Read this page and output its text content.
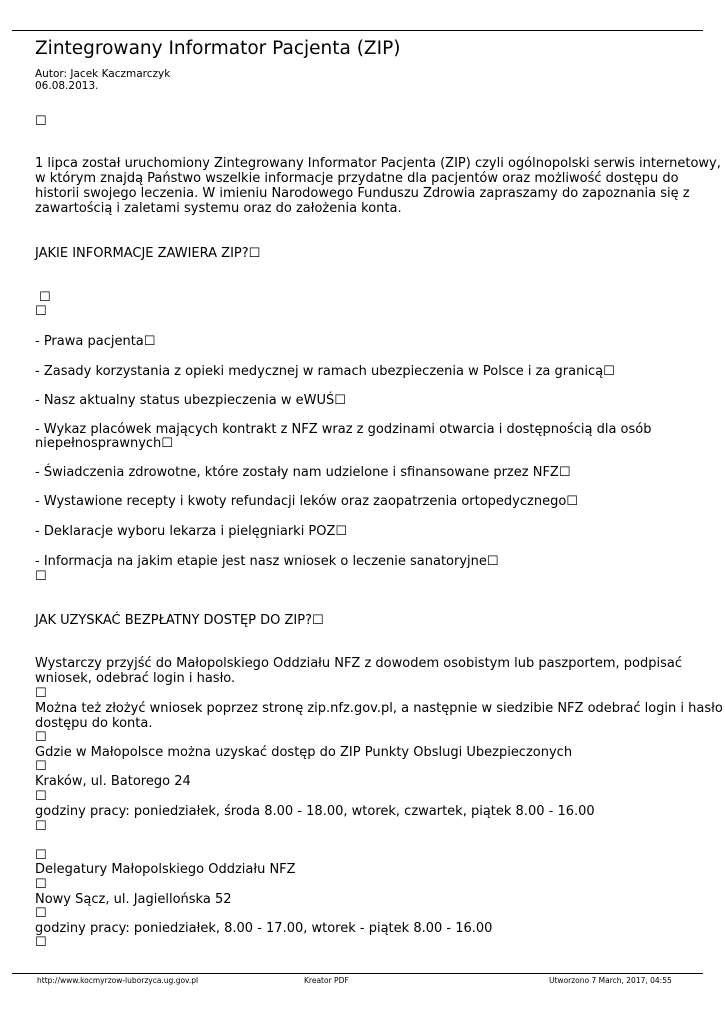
Zintegrowany Informator Pacjenta (ZIP)
Autor: Jacek Kaczmarczyk
06.08.2013.
☐
1 lipca został uruchomiony Zintegrowany Informator Pacjenta (ZIP) czyli ogólnopolski serwis internetowy,
w którym znajdą Państwo wszelkie informacje przydatne dla pacjentów oraz możliwość dostępu do
historii swojego leczenia. W imieniu Narodowego Funduszu Zdrowia zapraszamy do zapoznania się z
zawartością i zaletami systemu oraz do założenia konta.
JAKIE INFORMACJE ZAWIERA ZIP?☐
☐
☐
- Prawa pacjenta☐
- Zasady korzystania z opieki medycznej w ramach ubezpieczenia w Polsce i za granicą☐
- Nasz aktualny status ubezpieczenia w eWUŚ☐
- Wykaz placówek mających kontrakt z NFZ wraz z godzinami otwarcia i dostępnością dla osób
niepełnosprawnych☐
- Świadczenia zdrowotne, które zostały nam udzielone i sfinansowane przez NFZ☐
- Wystawione recepty i kwoty refundacji leków oraz zaopatrzenia ortopedycznego☐
- Deklaracje wyboru lekarza i pielęgniarki POZ☐
- Informacja na jakim etapie jest nasz wniosek o leczenie sanatoryjne☐
☐
JAK UZYSKAĆ BEZPŁATNY DOSTĘP DO ZIP?☐
Wystarczy przyjść do Małopolskiego Oddziału NFZ z dowodem osobistym lub paszportem, podpisać
wniosek, odebrać login i hasło.
☐
Można też złożyć wniosek poprzez stronę zip.nfz.gov.pl, a następnie w siedzibie NFZ odebrać login i hasło
dostępu do konta.
☐
Gdzie w Małopolsce można uzyskać dostęp do ZIP Punkty Obslugi Ubezpieczonych
☐
Kraków, ul. Batorego 24
☐
godziny pracy: poniedziałek, środa 8.00 - 18.00, wtorek, czwartek, piątek 8.00 - 16.00
☐
☐
Delegatury Małopolskiego Oddziału NFZ
☐
Nowy Sącz, ul. Jagiellońska 52
☐
godziny pracy: poniedziałek, 8.00 - 17.00, wtorek - piątek 8.00 - 16.00
☐
http://www.kocmyrzow-luborzyca.ug.gov.pl	Kreator PDF	Utworzono 7 March, 2017, 04:55
